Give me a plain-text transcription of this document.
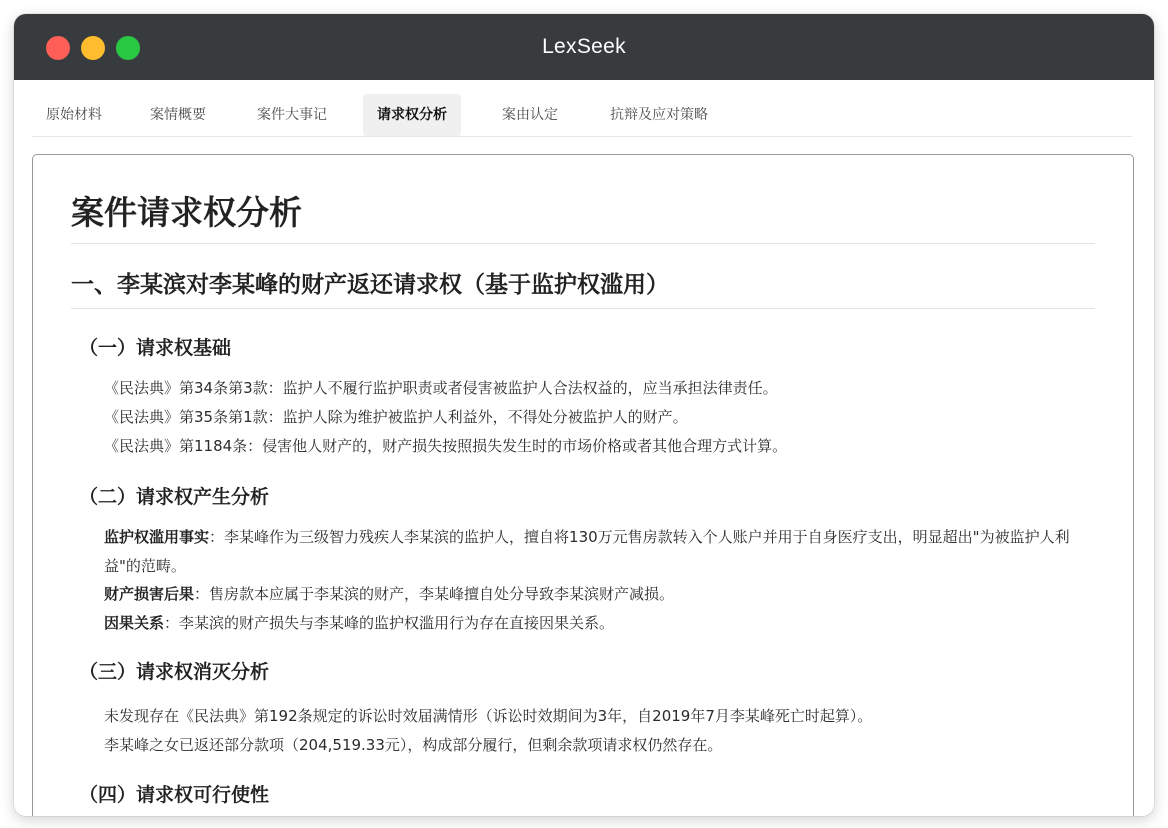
LexSeek
原始材料	案情概要	案件大事记	请求权分析	案由认定	抗辩及应对策略
案件请求权分析
一、李某滨对李某峰的财产返还请求权（基于监护权滥用）
（一）请求权基础

《民法典》第34条第3款：监护人不履行监护职责或者侵害被监护人合法权益的，应当承担法律责任。

《民法典》第35条第1款：监护人除为维护被监护人利益外，不得处分被监护人的财产。

《民法典》第1184条：侵害他人财产的，财产损失按照损失发生时的市场价格或者其他合理方式计算。

（二）请求权产生分析

监护权滥用事实：李某峰作为三级智力残疾人李某滨的监护人，擅自将130万元售房款转入个人账户并用于自身医疗支出，明显超出"为被监护人利益"的范畴。

财产损害后果：售房款本应属于李某滨的财产，李某峰擅自处分导致李某滨财产减损。

因果关系：李某滨的财产损失与李某峰的监护权滥用行为存在直接因果关系。

（三）请求权消灭分析

未发现存在《民法典》第192条规定的诉讼时效届满情形（诉讼时效期间为3年，自2019年7月李某峰死亡时起算）。

李某峰之女已返还部分款项（204,519.33元），构成部分履行，但剩余款项请求权仍然存在。

（四）请求权可行使性
